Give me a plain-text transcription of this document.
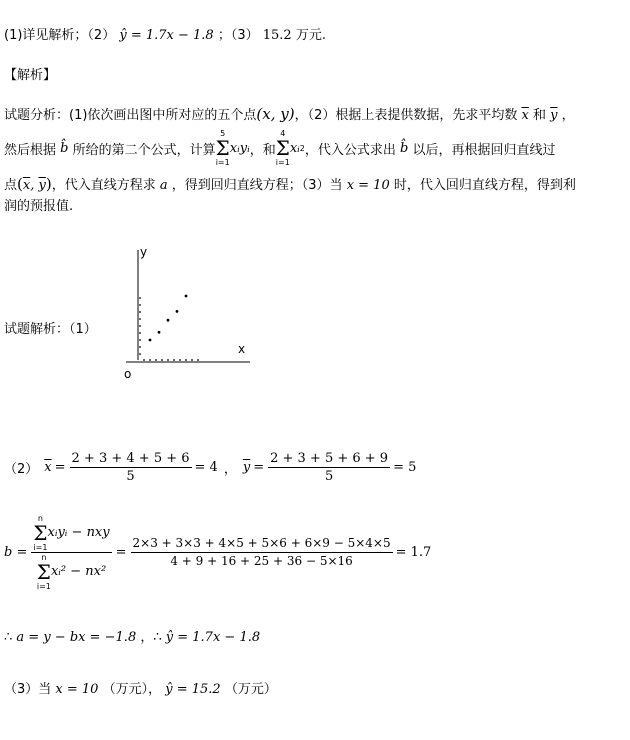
(1)详见解析；（2） ŷ = 1.7x − 1.8 ；（3） 15.2 万元.
【解析】
试题分析：(1)依次画出图中所对应的五个点(x, y)，（2）根据上表提供数据，先求平均数 $\overline{x}$ 和 $\overline{y}$ ，
然后根据
b̂
所给的第二个公式，计算
5
Σ
i=1
xᵢyᵢ ，和
4
Σ
i=1
xᵢ 2 ，代入公式求出
b̂
以后，再根据回归直线过
点($\overline{x}$, $\overline{y}$)，代入直线方程求 a ，得到回归直线方程；（3）当 x = 10 时，代入回归直线方程，得到利
润的预报值.
试题解析：（1）
y
x
o
（2） $\overline{x} = \frac{2 + 3 + 4 + 5 + 6}{5} = 4$ ， $\overline{y} = \frac{2 + 3 + 5 + 6 + 9}{5} = 5$
b = n
Σ
i=1
xᵢyᵢ − nxy
n
Σ
i=1
xᵢ² − $nx^2 = \frac{2\times 3 + 3\times 3 + 4\times 5 + 5\times 6 + 6\times 9 - 5\times 4\times 5}{4 + 9 + 16 + 25 + 36 - 5\times 16} = 1.7$
∴ a = y − bx = −1.8 ，∴ ŷ = 1.7x − 1.8
（3）当 x = 10 （万元）， ŷ = 15.2 （万元）
